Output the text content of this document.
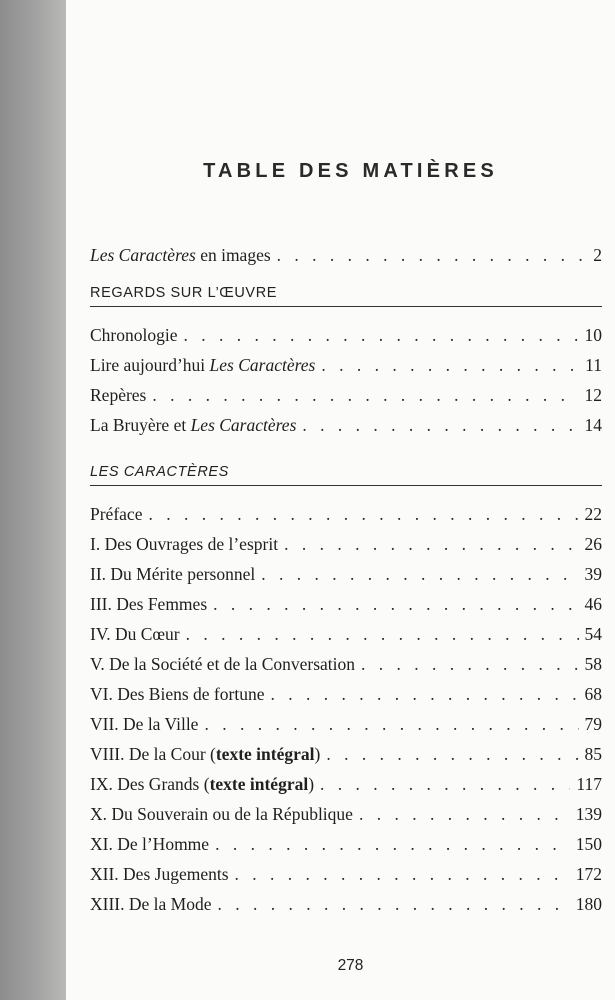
TABLE DES MATIÈRES
Les Caractères en images . . .	2
REGARDS SUR L’ŒUVRE
Chronologie . . .	10
Lire aujourd’hui Les Caractères . . .	11
Repères . . .	12
La Bruyère et Les Caractères . . .	14
LES CARACTÈRES
Préface . . .	22
I. Des Ouvrages de l’esprit . . .	26
II. Du Mérite personnel . . .	39
III. Des Femmes . . .	46
IV. Du Cœur . . .	54
V. De la Société et de la Conversation . . .	58
VI. Des Biens de fortune . . .	68
VII. De la Ville . . .	79
VIII. De la Cour (texte intégral) . . .	85
IX. Des Grands (texte intégral) . . .	117
X. Du Souverain ou de la République . . .	139
XI. De l’Homme . . .	150
XII. Des Jugements . . .	172
XIII. De la Mode . . .	180
278
